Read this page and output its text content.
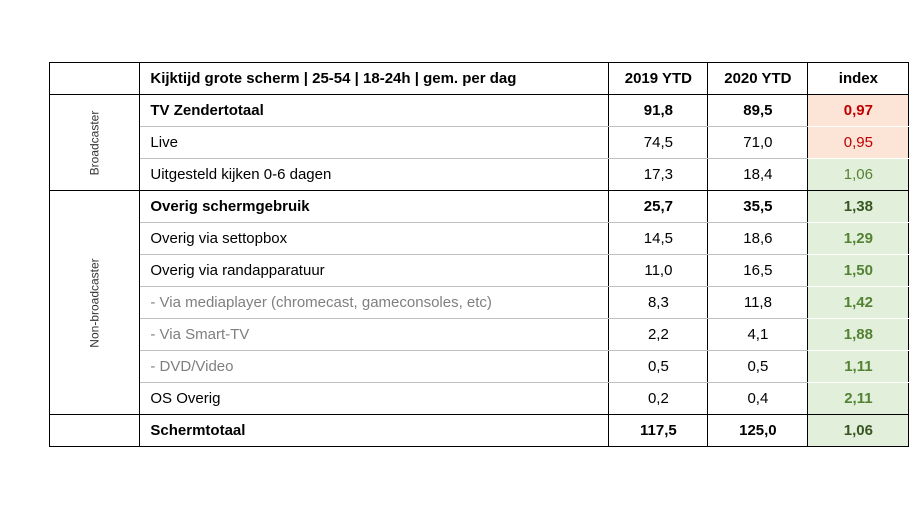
	Kijktijd grote scherm | 25-54 | 18-24h | gem. per dag	2019 YTD	2020 YTD	index
Broadcaster	TV Zendertotaal	91,8	89,5	0,97
	Live	74,5	71,0	0,95
	Uitgesteld kijken 0-6 dagen	17,3	18,4	1,06
Non-broadcaster	Overig schermgebruik	25,7	35,5	1,38
	Overig via settopbox	14,5	18,6	1,29
	Overig via randapparatuur	11,0	16,5	1,50
	- Via mediaplayer (chromecast, gameconsoles, etc)	8,3	11,8	1,42
	- Via Smart-TV	2,2	4,1	1,88
	- DVD/Video	0,5	0,5	1,11
	OS Overig	0,2	0,4	2,11
	Schermtotaal	117,5	125,0	1,06
